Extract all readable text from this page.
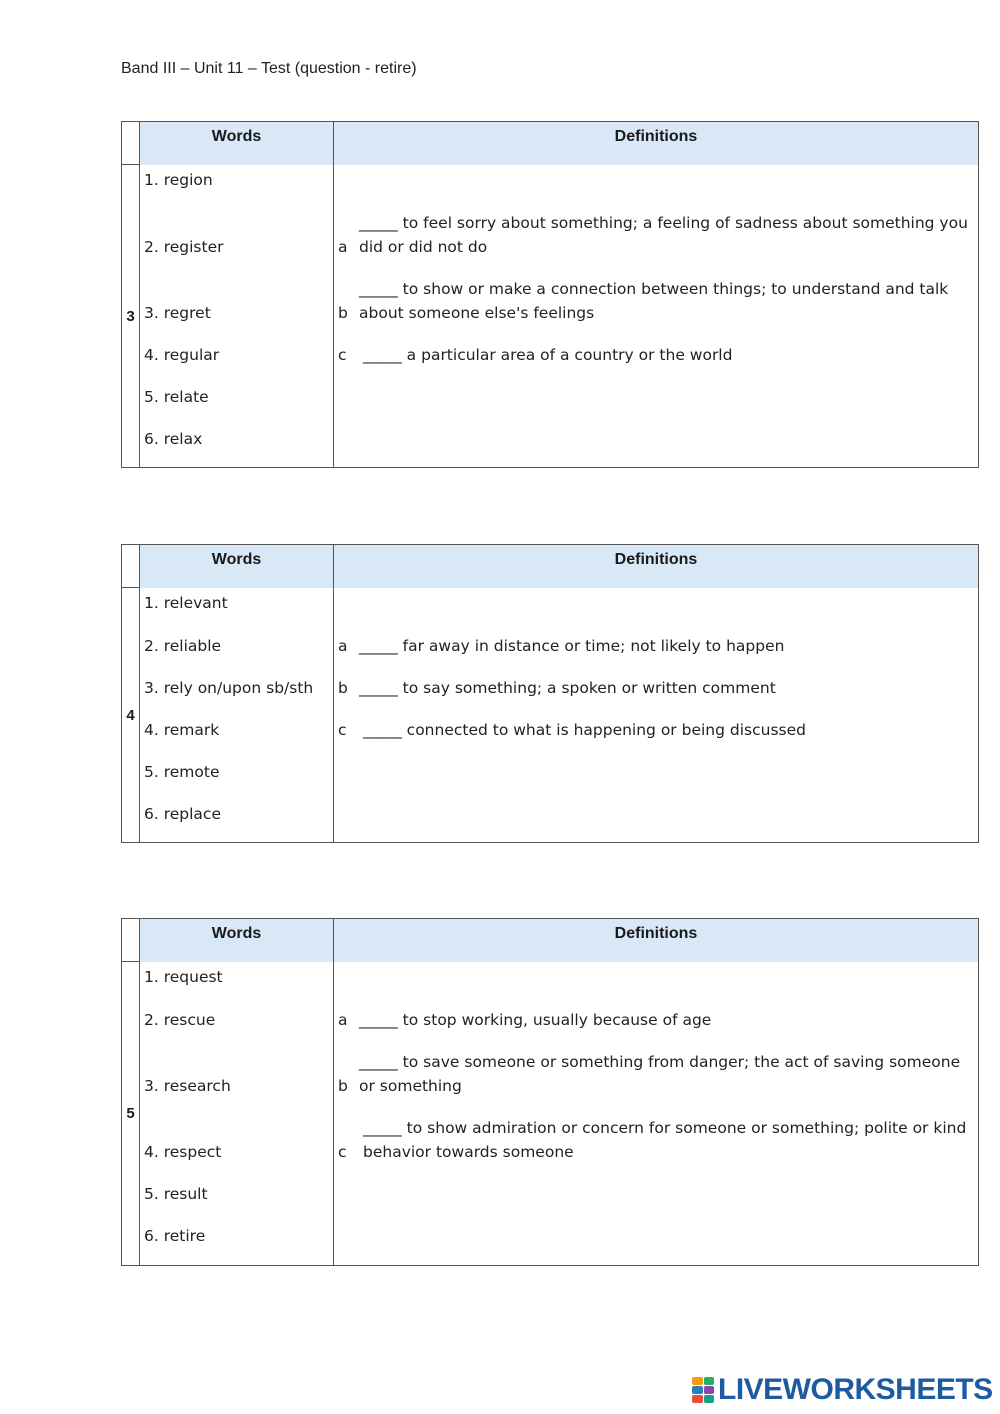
Band III – Unit 11 – Test (question - retire)
Words	Definitions
3
1. region
2. register
3. regret
4. regular
5. relate
6. relax
a
_____ to feel sorry about something; a feeling of sadness about something you did or did not do
b
_____ to show or make a connection between things; to understand and talk about someone else's feelings
c	_____ a particular area of a country or the world
Words	Definitions
4
1. relevant
2. reliable
3. rely on/upon sb/sth
4. remark
5. remote
6. replace
a _____ far away in distance or time; not likely to happen
b _____ to say something; a spoken or written comment
c	_____ connected to what is happening or being discussed
Words	Definitions
5
1. request
2. rescue
3. research
4. respect
5. result
6. retire
a _____ to stop working, usually because of age
b
_____ to save someone or something from danger; the act of saving someone or something
c
_____ to show admiration or concern for someone or something; polite or kind behavior towards someone
LIVEWORKSHEETS
